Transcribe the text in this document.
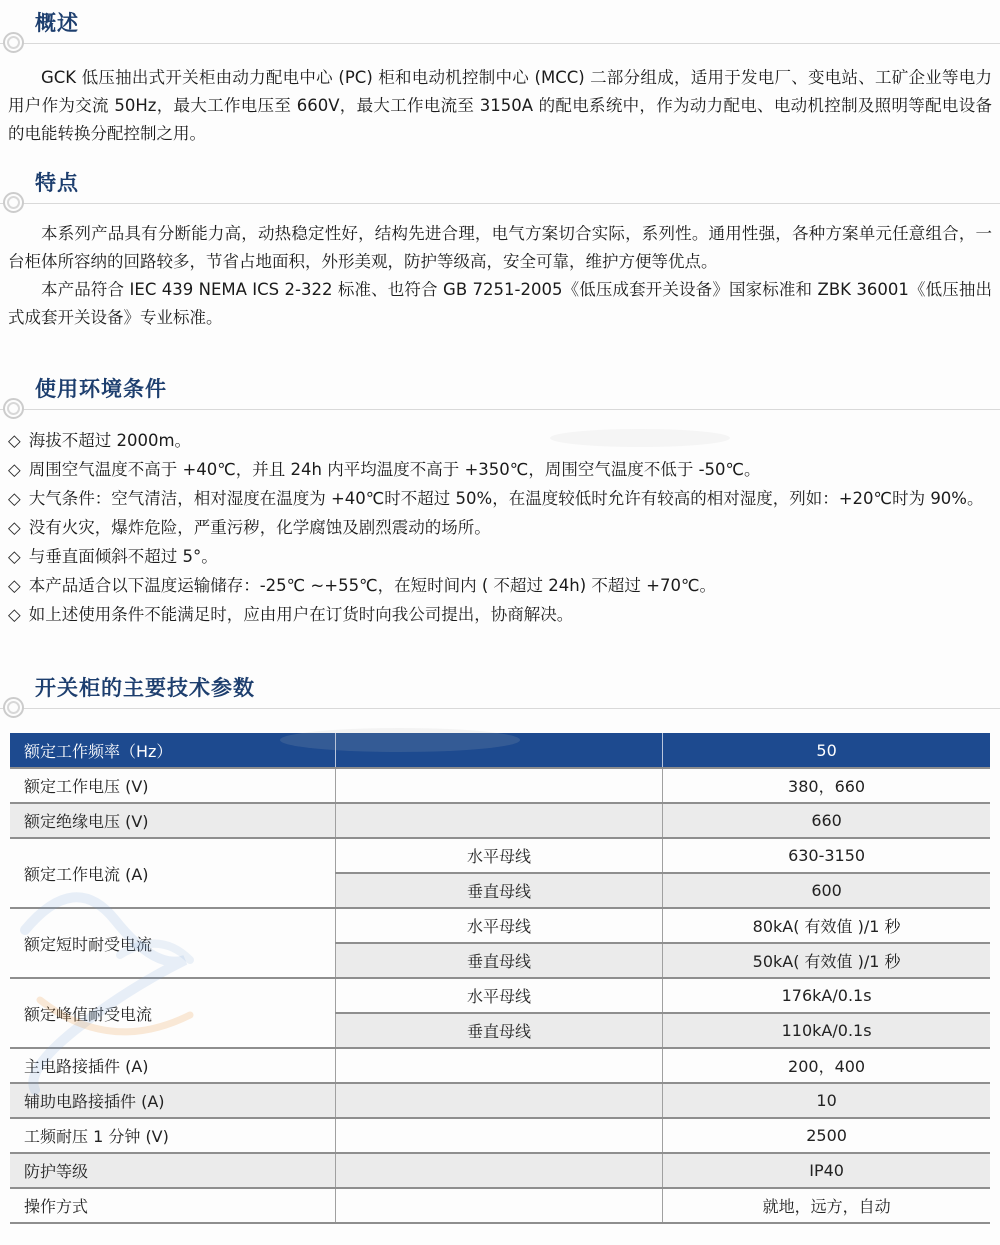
概述

GCK 低压抽出式开关柜由动力配电中心 (PC) 柜和电动机控制中心 (MCC) 二部分组成，适用于发电厂、变电站、工矿企业等电力用户作为交流 50Hz，最大工作电压至 660V，最大工作电流至 3150A 的配电系统中，作为动力配电、电动机控制及照明等配电设备的电能转换分配控制之用。

特点

本系列产品具有分断能力高，动热稳定性好，结构先进合理，电气方案切合实际，系列性。通用性强，各种方案单元任意组合，一台柜体所容纳的回路较多，节省占地面积，外形美观，防护等级高，安全可靠，维护方便等优点。

本产品符合 IEC 439 NEMA ICS 2-322 标准、也符合 GB 7251-2005《低压成套开关设备》国家标准和 ZBK 36001《低压抽出式成套开关设备》专业标准。

使用环境条件
◇ 海拔不超过 2000m。
◇ 周围空气温度不高于 +40℃，并且 24h 内平均温度不高于 +350℃，周围空气温度不低于 -50℃。
◇ 大气条件：空气清洁，相对湿度在温度为 +40℃时不超过 50%，在温度较低时允许有较高的相对湿度，列如：+20℃时为 90%。
◇ 没有火灾，爆炸危险，严重污秽，化学腐蚀及剧烈震动的场所。
◇ 与垂直面倾斜不超过 5°。
◇ 本产品适合以下温度运输储存：-25℃ ~+55℃，在短时间内 ( 不超过 24h) 不超过 +70℃。
◇ 如上述使用条件不能满足时，应由用户在订货时向我公司提出，协商解决。
开关柜的主要技术参数
额定工作频率（Hz）		50
额定工作电压 (V)		380，660
额定绝缘电压 (V)		660
额定工作电流 (A)	水平母线	630-3150
	垂直母线	600
额定短时耐受电流	水平母线	80kA( 有效值 )/1 秒
	垂直母线	50kA( 有效值 )/1 秒
额定峰值耐受电流	水平母线	176kA/0.1s
	垂直母线	110kA/0.1s
主电路接插件 (A)		200，400
辅助电路接插件 (A)		10
工频耐压 1 分钟 (V)		2500
防护等级		IP40
操作方式		就地，远方，自动
